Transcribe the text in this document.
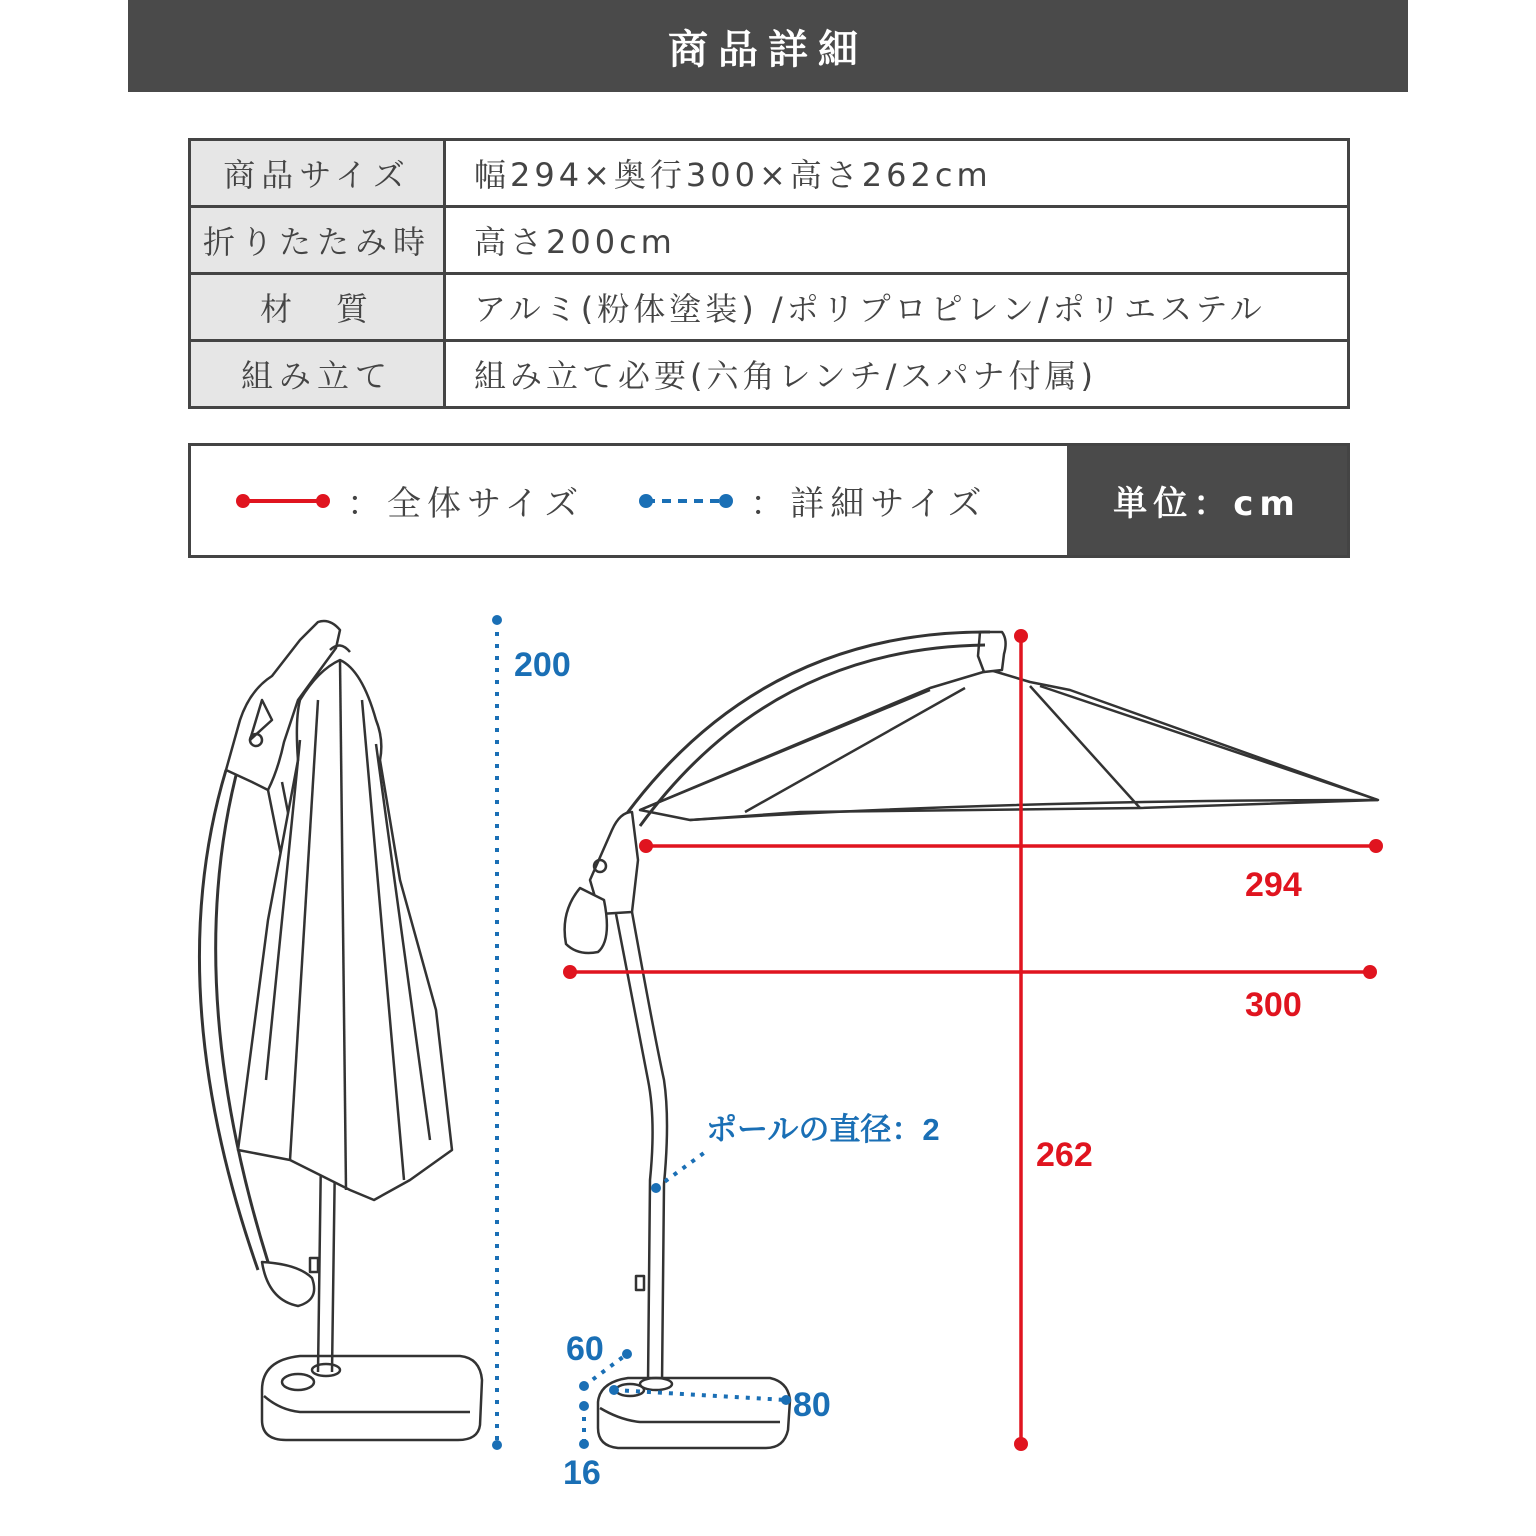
商品詳細
商品サイズ	幅294×奥行300×高さ262cm
折りたたみ時	高さ200cm
材　質	アルミ(粉体塗装) /ポリプロピレン/ポリエステル
組み立て	組み立て必要(六角レンチ/スパナ付属)
：全体サイズ	：詳細サイズ	単位：cm
200
294
300
262
ポールの直径：2
60
80
16
